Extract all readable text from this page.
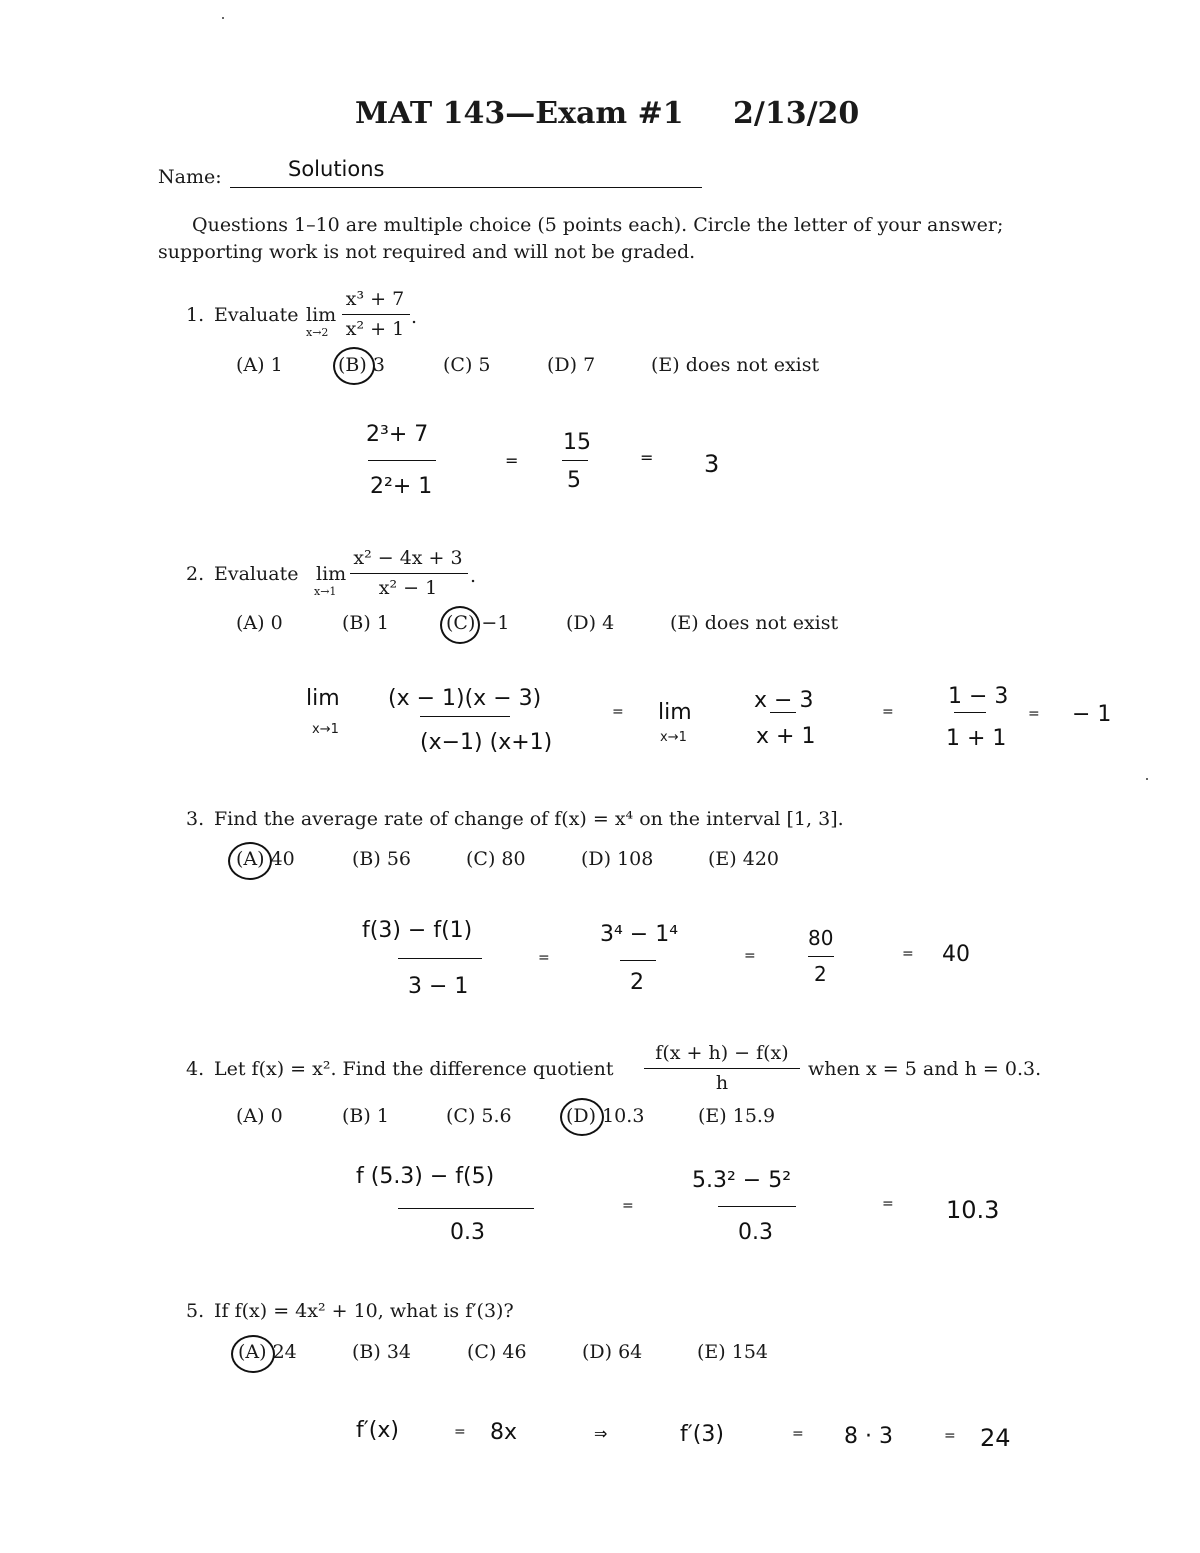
MAT 143—Exam #1 2/13/20
Name:	Solutions
Questions 1–10 are multiple choice (5 points each). Circle the letter of your answer;
supporting work is not required and will not be graded.
1. Evaluate lim
x→2
x³ + 7
x² + 1
.
(A) 1	(B) 3	(C) 5	(D) 7	(E) does not exist
2³+ 7
2²+ 1
=
15
5
= 3
2. Evaluate lim
x→1
x² − 4x + 3
x² − 1
.
(A) 0	(B) 1	(C) −1	(D) 4	(E) does not exist
lim
x→1
(x − 1)(x − 3)
(x−1) (x+1)
= lim
x→1
x − 3
x + 1
=
1 − 3
1 + 1
= − 1
3. Find the average rate of change of f(x) = x⁴ on the interval [1, 3].
(A) 40	(B) 56	(C) 80	(D) 108	(E) 420
f(3) − f(1)
3 − 1
=
3⁴ − 1⁴
2
=
80
2
= 40
4. Let f(x) = x². Find the difference quotient
f(x + h) − f(x)
h
when x = 5 and h = 0.3.
(A) 0	(B) 1	(C) 5.6	(D) 10.3	(E) 15.9
f (5.3) − f(5)
0.3
=
5.3² − 5²
0.3
= 10.3
5. If f(x) = 4x² + 10, what is f′(3)?
(A) 24	(B) 34	(C) 46	(D) 64	(E) 154
f′(x)	= 8x	⇒	f′(3)	= 8 · 3	= 24
